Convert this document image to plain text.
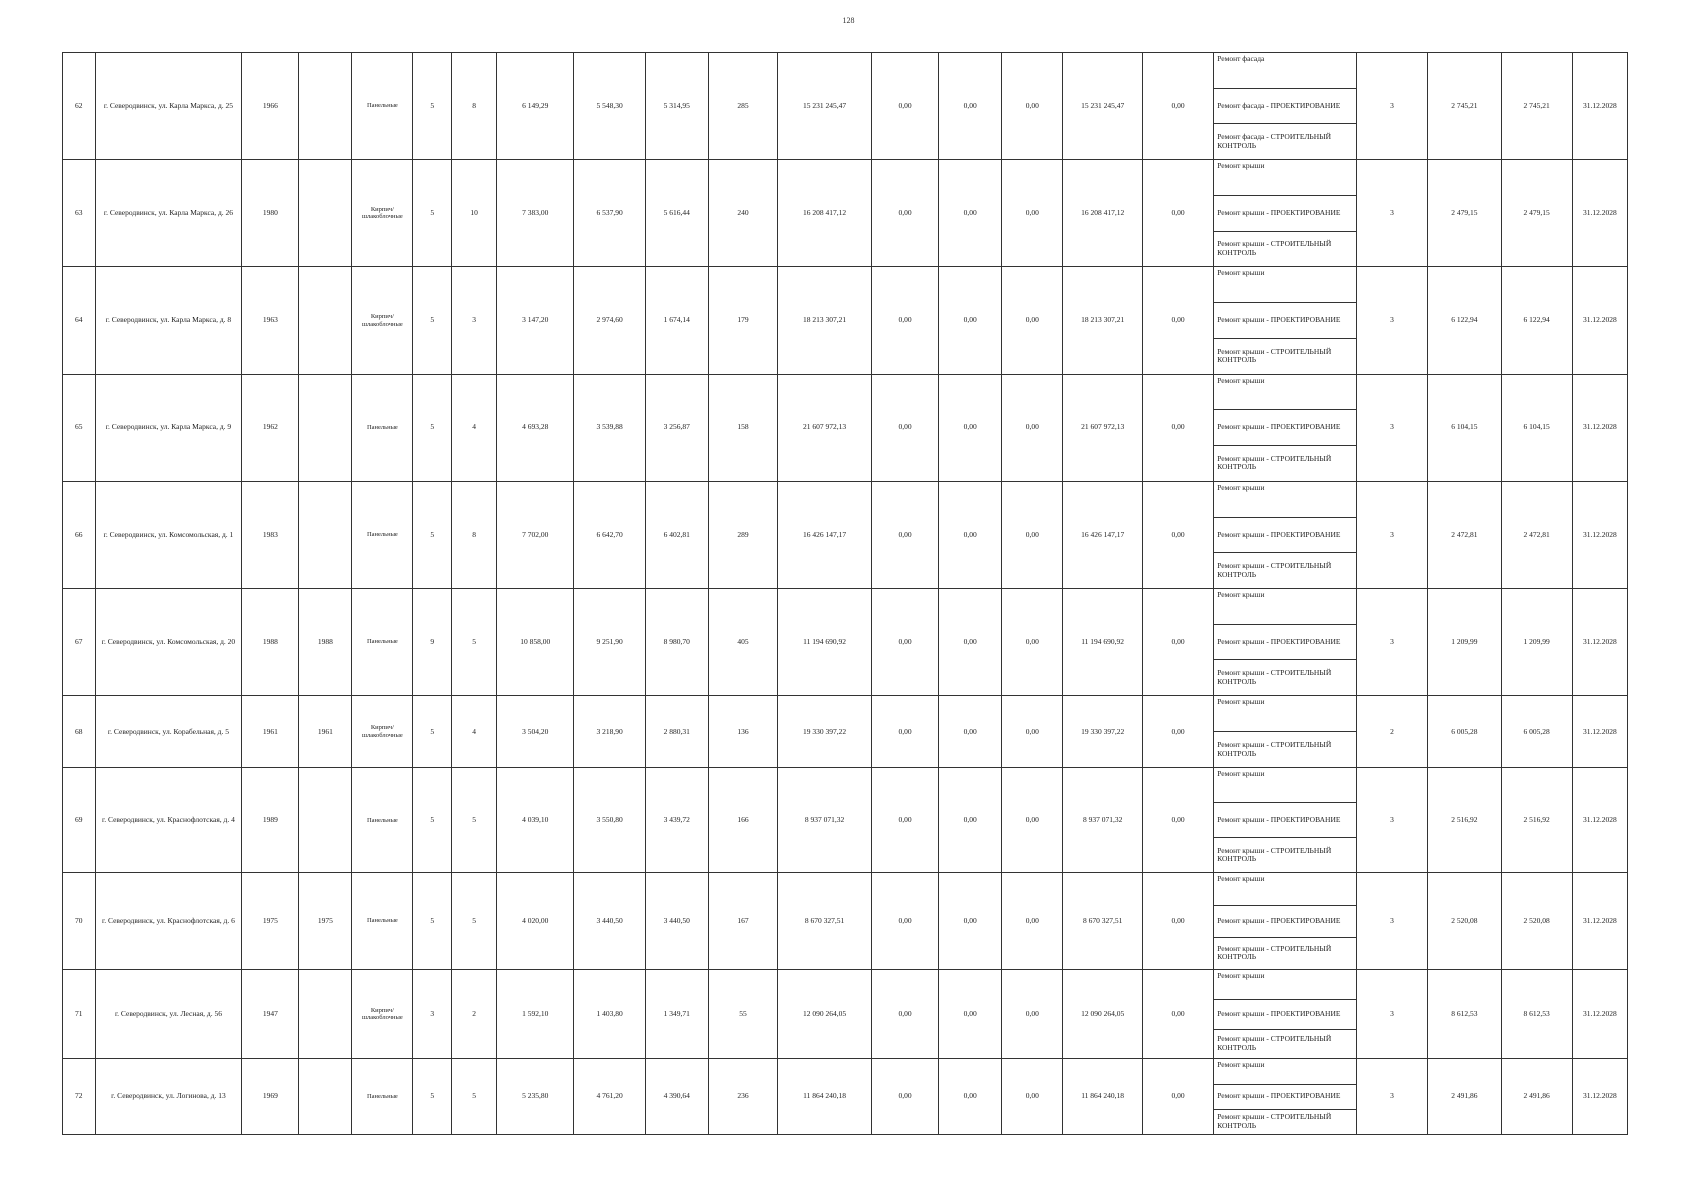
128
62	г. Северодвинск, ул. Карла Маркса, д. 25	1966		Панельные	5	8	6 149,29	5 548,30	5 314,95	285	15 231 245,47	0,00	0,00	0,00	15 231 245,47	0,00	Ремонт фасада
Ремонт фасада - ПРОЕКТИРОВАНИЕ
Ремонт фасада - СТРОИТЕЛЬНЫЙ КОНТРОЛЬ	3	2 745,21	2 745,21	31.12.2028
63	г. Северодвинск, ул. Карла Маркса, д. 26	1980		Кирпич/ шлакоблочные	5	10	7 383,00	6 537,90	5 616,44	240	16 208 417,12	0,00	0,00	0,00	16 208 417,12	0,00	Ремонт крыши
Ремонт крыши - ПРОЕКТИРОВАНИЕ
Ремонт крыши - СТРОИТЕЛЬНЫЙ КОНТРОЛЬ	3	2 479,15	2 479,15	31.12.2028
64	г. Северодвинск, ул. Карла Маркса, д. 8	1963		Кирпич/ шлакоблочные	5	3	3 147,20	2 974,60	1 674,14	179	18 213 307,21	0,00	0,00	0,00	18 213 307,21	0,00	Ремонт крыши
Ремонт крыши - ПРОЕКТИРОВАНИЕ
Ремонт крыши - СТРОИТЕЛЬНЫЙ КОНТРОЛЬ	3	6 122,94	6 122,94	31.12.2028
65	г. Северодвинск, ул. Карла Маркса, д. 9	1962		Панельные	5	4	4 693,28	3 539,88	3 256,87	158	21 607 972,13	0,00	0,00	0,00	21 607 972,13	0,00	Ремонт крыши
Ремонт крыши - ПРОЕКТИРОВАНИЕ
Ремонт крыши - СТРОИТЕЛЬНЫЙ КОНТРОЛЬ	3	6 104,15	6 104,15	31.12.2028
66	г. Северодвинск, ул. Комсомольская, д. 1	1983		Панельные	5	8	7 702,00	6 642,70	6 402,81	289	16 426 147,17	0,00	0,00	0,00	16 426 147,17	0,00	Ремонт крыши
Ремонт крыши - ПРОЕКТИРОВАНИЕ
Ремонт крыши - СТРОИТЕЛЬНЫЙ КОНТРОЛЬ	3	2 472,81	2 472,81	31.12.2028
67	г. Северодвинск, ул. Комсомольская, д. 20	1988	1988	Панельные	9	5	10 858,00	9 251,90	8 980,70	405	11 194 690,92	0,00	0,00	0,00	11 194 690,92	0,00	Ремонт крыши
Ремонт крыши - ПРОЕКТИРОВАНИЕ
Ремонт крыши - СТРОИТЕЛЬНЫЙ КОНТРОЛЬ	3	1 209,99	1 209,99	31.12.2028
68	г. Северодвинск, ул. Корабельная, д. 5	1961	1961	Кирпич/ шлакоблочные	5	4	3 504,20	3 218,90	2 880,31	136	19 330 397,22	0,00	0,00	0,00	19 330 397,22	0,00	Ремонт крыши
Ремонт крыши - СТРОИТЕЛЬНЫЙ КОНТРОЛЬ	2	6 005,28	6 005,28	31.12.2028
69	г. Северодвинск, ул. Краснофлотская, д. 4	1989		Панельные	5	5	4 039,10	3 550,80	3 439,72	166	8 937 071,32	0,00	0,00	0,00	8 937 071,32	0,00	Ремонт крыши
Ремонт крыши - ПРОЕКТИРОВАНИЕ
Ремонт крыши - СТРОИТЕЛЬНЫЙ КОНТРОЛЬ	3	2 516,92	2 516,92	31.12.2028
70	г. Северодвинск, ул. Краснофлотская, д. 6	1975	1975	Панельные	5	5	4 020,00	3 440,50	3 440,50	167	8 670 327,51	0,00	0,00	0,00	8 670 327,51	0,00	Ремонт крыши
Ремонт крыши - ПРОЕКТИРОВАНИЕ
Ремонт крыши - СТРОИТЕЛЬНЫЙ КОНТРОЛЬ	3	2 520,08	2 520,08	31.12.2028
71	г. Северодвинск, ул. Лесная, д. 56	1947		Кирпич/ шлакоблочные	3	2	1 592,10	1 403,80	1 349,71	55	12 090 264,05	0,00	0,00	0,00	12 090 264,05	0,00	Ремонт крыши
Ремонт крыши - ПРОЕКТИРОВАНИЕ
Ремонт крыши - СТРОИТЕЛЬНЫЙ КОНТРОЛЬ	3	8 612,53	8 612,53	31.12.2028
72	г. Северодвинск, ул. Логинова, д. 13	1969		Панельные	5	5	5 235,80	4 761,20	4 390,64	236	11 864 240,18	0,00	0,00	0,00	11 864 240,18	0,00	Ремонт крыши
Ремонт крыши - ПРОЕКТИРОВАНИЕ
Ремонт крыши - СТРОИТЕЛЬНЫЙ КОНТРОЛЬ	3	2 491,86	2 491,86	31.12.2028
